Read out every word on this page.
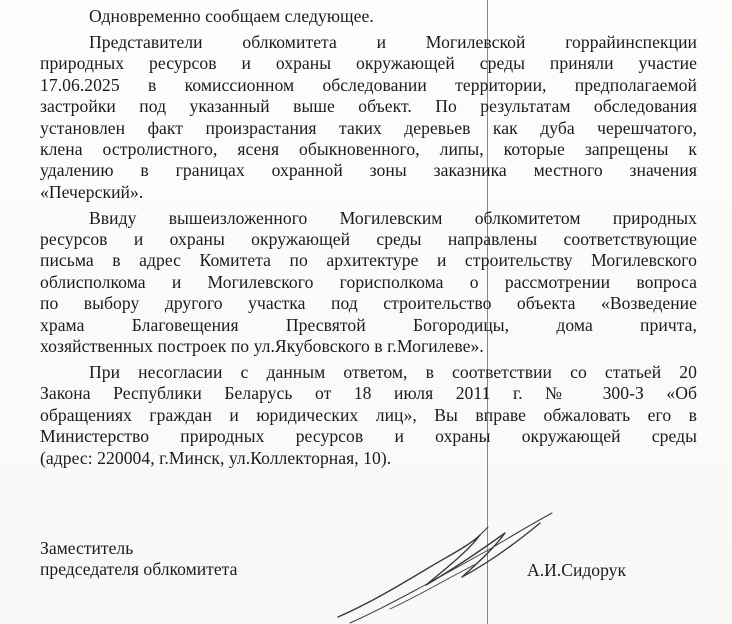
Одновременно сообщаем следующее.
Представители облкомитета и Могилевской горрайинспекции
природных ресурсов и охраны окружающей среды приняли участие
17.06.2025 в комиссионном обследовании территории, предполагаемой
застройки под указанный выше объект. По результатам обследования
установлен факт произрастания таких деревьев как дуба черешчатого,
клена остролистного, ясеня обыкновенного, липы, которые запрещены к
удалению в границах охранной зоны заказника местного значения
«Печерский».
Ввиду вышеизложенного Могилевским облкомитетом природных
ресурсов и охраны окружающей среды направлены соответствующие
письма в адрес Комитета по архитектуре и строительству Могилевского
облисполкома и Могилевского горисполкома о рассмотрении вопроса
по выбору другого участка под строительство объекта «Возведение
храма Благовещения Пресвятой Богородицы, дома причта,
хозяйственных построек по ул.Якубовского в г.Могилеве».
При несогласии с данным ответом, в соответствии со статьей 20
Закона Республики Беларусь от 18 июля 2011 г. № 300-З «Об
обращениях граждан и юридических лиц», Вы вправе обжаловать его в
Министерство природных ресурсов и охраны окружающей среды
(адрес: 220004, г.Минск, ул.Коллекторная, 10).
Заместитель
председателя облкомитета	А.И.Сидорук
